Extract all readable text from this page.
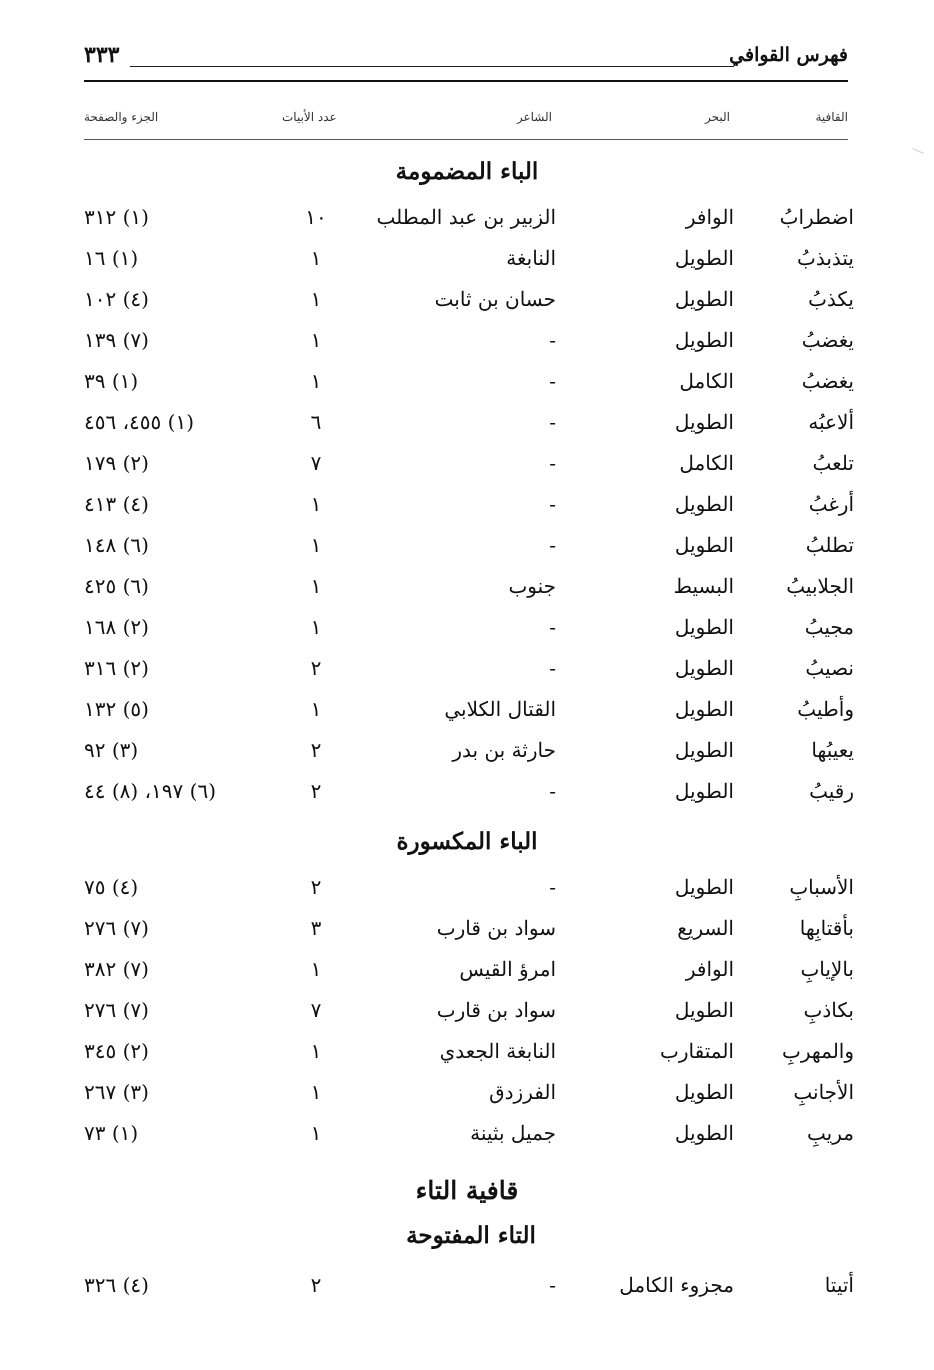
فهرس القوافي
٣٣٣
القافية
البحر
الشاعر
عدد الأبيات
الجزء والصفحة
الباء المضمومة
اضطرابُ
الوافر
الزبير بن عبد المطلب
١٠
(١) ٣١٢
يتذبذبُ
الطويل
النابغة
١
(١) ١٦
يكذبُ
الطويل
حسان بن ثابت
١
(٤) ١٠٢
يغضبُ
الطويل
-
١
(٧) ١٣٩
يغضبُ
الكامل
-
١
(١) ٣٩
ألاعبُه
الطويل
-
٦
(١) ٤٥٥، ٤٥٦
تلعبُ
الكامل
-
٧
(٢) ١٧٩
أرغبُ
الطويل
-
١
(٤) ٤١٣
تطلبُ
الطويل
-
١
(٦) ١٤٨
الجلابيبُ
البسيط
جنوب
١
(٦) ٤٢٥
مجيبُ
الطويل
-
١
(٢) ١٦٨
نصيبُ
الطويل
-
٢
(٢) ٣١٦
وأطيبُ
الطويل
القتال الكلابي
١
(٥) ١٣٢
يعيبُها
الطويل
حارثة بن بدر
٢
(٣) ٩٢
رقيبُ
الطويل
-
٢
(٦) ١٩٧، (٨) ٤٤
الباء المكسورة
الأسبابِ
الطويل
-
٢
(٤) ٧٥
بأقتابِها
السريع
سواد بن قارب
٣
(٧) ٢٧٦
بالإيابِ
الوافر
امرؤ القيس
١
(٧) ٣٨٢
بكاذبِ
الطويل
سواد بن قارب
٧
(٧) ٢٧٦
والمهربِ
المتقارب
النابغة الجعدي
١
(٢) ٣٤٥
الأجانبِ
الطويل
الفرزدق
١
(٣) ٢٦٧
مريبِ
الطويل
جميل بثينة
١
(١) ٧٣
قافية التاء
التاء المفتوحة
أتيتا
مجزوء الكامل
-
٢
(٤) ٣٢٦
